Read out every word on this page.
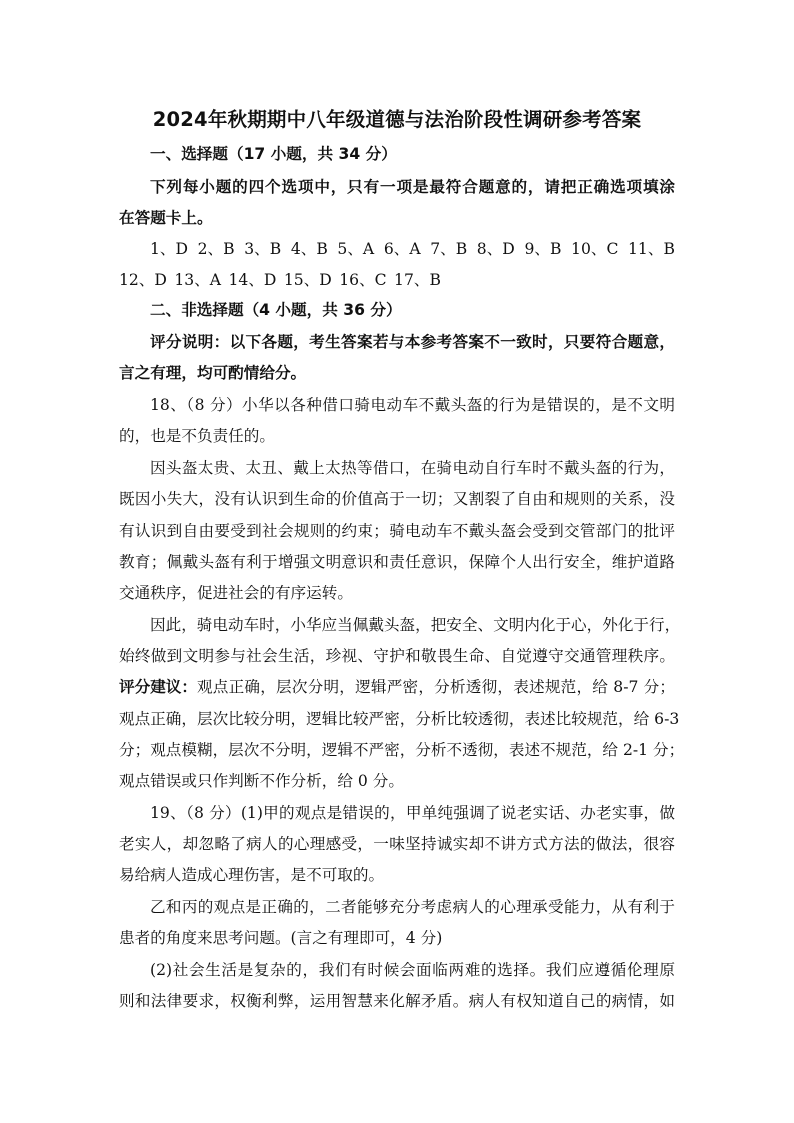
2024年秋期期中八年级道德与法治阶段性调研参考答案
一、选择题（17 小题，共 34 分）
下列每小题的四个选项中，只有一项是最符合题意的，请把正确选项填涂
在答题卡上。
1、D 2、B 3、B 4、B 5、A 6、A 7、B 8、D 9、B 10、C 11、B
12、D 13、A 14、D 15、D 16、C 17、B
二、非选择题（4 小题，共 36 分）
评分说明：以下各题，考生答案若与本参考答案不一致时，只要符合题意，
言之有理，均可酌情给分。
18、（8 分）小华以各种借口骑电动车不戴头盔的行为是错误的，是不文明
的，也是不负责任的。
因头盔太贵、太丑、戴上太热等借口，在骑电动自行车时不戴头盔的行为，
既因小失大，没有认识到生命的价值高于一切；又割裂了自由和规则的关系，没
有认识到自由要受到社会规则的约束；骑电动车不戴头盔会受到交管部门的批评
教育；佩戴头盔有利于增强文明意识和责任意识，保障个人出行安全，维护道路
交通秩序，促进社会的有序运转。
因此，骑电动车时，小华应当佩戴头盔，把安全、文明内化于心，外化于行，
始终做到文明参与社会生活，珍视、守护和敬畏生命、自觉遵守交通管理秩序。
评分建议： 观点正确，层次分明，逻辑严密，分析透彻，表述规范，给 8-7 分；
观点正确，层次比较分明，逻辑比较严密，分析比较透彻，表述比较规范，给 6-3
分；观点模糊，层次不分明，逻辑不严密，分析不透彻，表述不规范，给 2-1 分；
观点错误或只作判断不作分析，给 0 分。
19、（8 分）(1)甲的观点是错误的，甲单纯强调了说老实话、办老实事，做
老实人，却忽略了病人的心理感受，一味坚持诚实却不讲方式方法的做法，很容
易给病人造成心理伤害，是不可取的。
乙和丙的观点是正确的，二者能够充分考虑病人的心理承受能力，从有利于
患者的角度来思考问题。(言之有理即可，4 分)
(2)社会生活是复杂的，我们有时候会面临两难的选择。我们应遵循伦理原
则和法律要求，权衡利弊，运用智慧来化解矛盾。病人有权知道自己的病情，如
